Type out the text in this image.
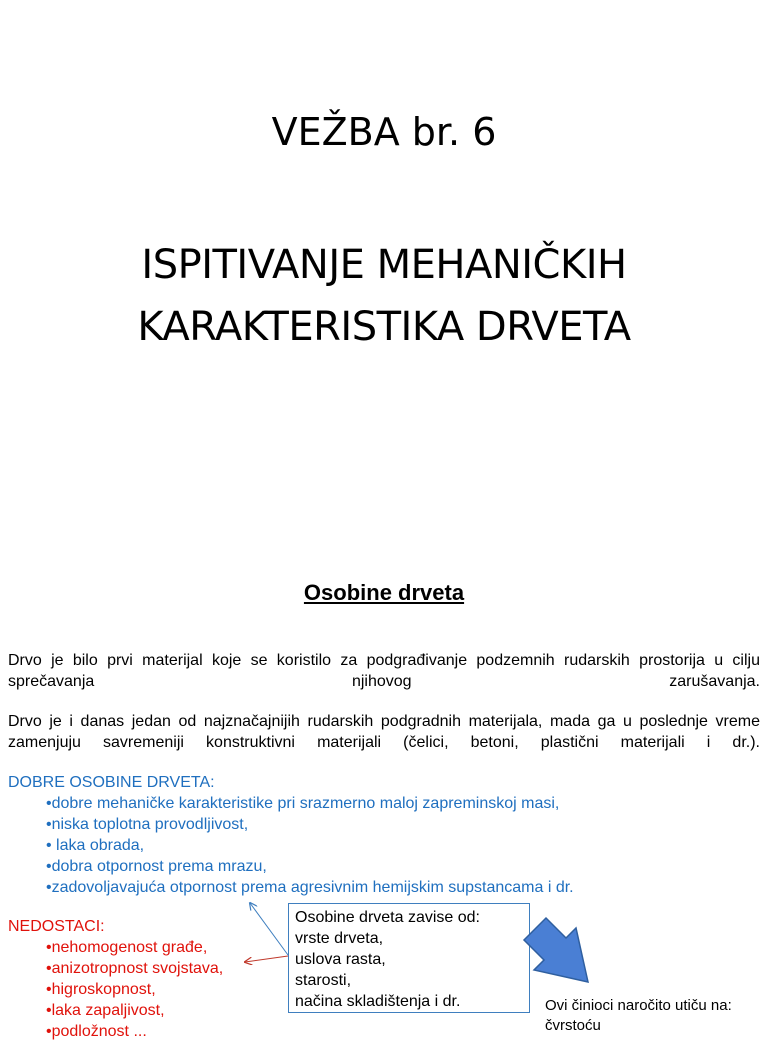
VEŽBA br. 6
ISPITIVANJE MEHANIČKIH
KARAKTERISTIKA DRVETA
Osobine drveta
Drvo je bilo prvi materijal koje se koristilo za podgrađivanje podzemnih rudarskih prostorija u cilju sprečavanja njihovog zarušavanja.
Drvo je i danas jedan od najznačajnijih rudarskih podgradnih materijala, mada ga u poslednje vreme zamenjuju savremeniji konstruktivni materijali (čelici, betoni, plastični materijali i dr.).
DOBRE OSOBINE DRVETA:
•dobre mehaničke karakteristike pri srazmerno maloj zapreminskoj masi,
•niska toplotna provodljivost,
• laka obrada,
•dobra otpornost prema mrazu,
•zadovoljavajuća otpornost prema agresivnim hemijskim supstancama i dr.
NEDOSTACI:
•nehomogenost građe,
•anizotropnost svojstava,
•higroskopnost,
•laka zapaljivost,
•podložnost ...
Osobine drveta zavise od:
vrste drveta,
uslova rasta,
starosti,
načina skladištenja i dr.	Ovi činioci naročito utiču na:
čvrstoću
